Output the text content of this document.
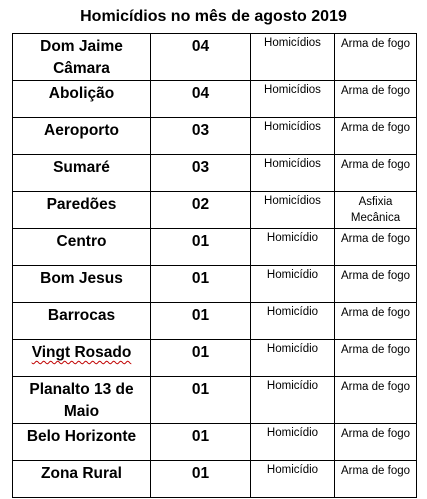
Homicídios no mês de agosto 2019
Dom Jaime Câmara	04	Homicídios	Arma de fogo
Abolição	04	Homicídios	Arma de fogo
Aeroporto	03	Homicídios	Arma de fogo
Sumaré	03	Homicídios	Arma de fogo
Paredões	02	Homicídios	Asfixia Mecânica
Centro	01	Homicídio	Arma de fogo
Bom Jesus	01	Homicídio	Arma de fogo
Barrocas	01	Homicídio	Arma de fogo
Vingt Rosado	01	Homicídio	Arma de fogo
Planalto 13 de Maio	01	Homicídio	Arma de fogo
Belo Horizonte	01	Homicídio	Arma de fogo
Zona Rural	01	Homicídio	Arma de fogo
